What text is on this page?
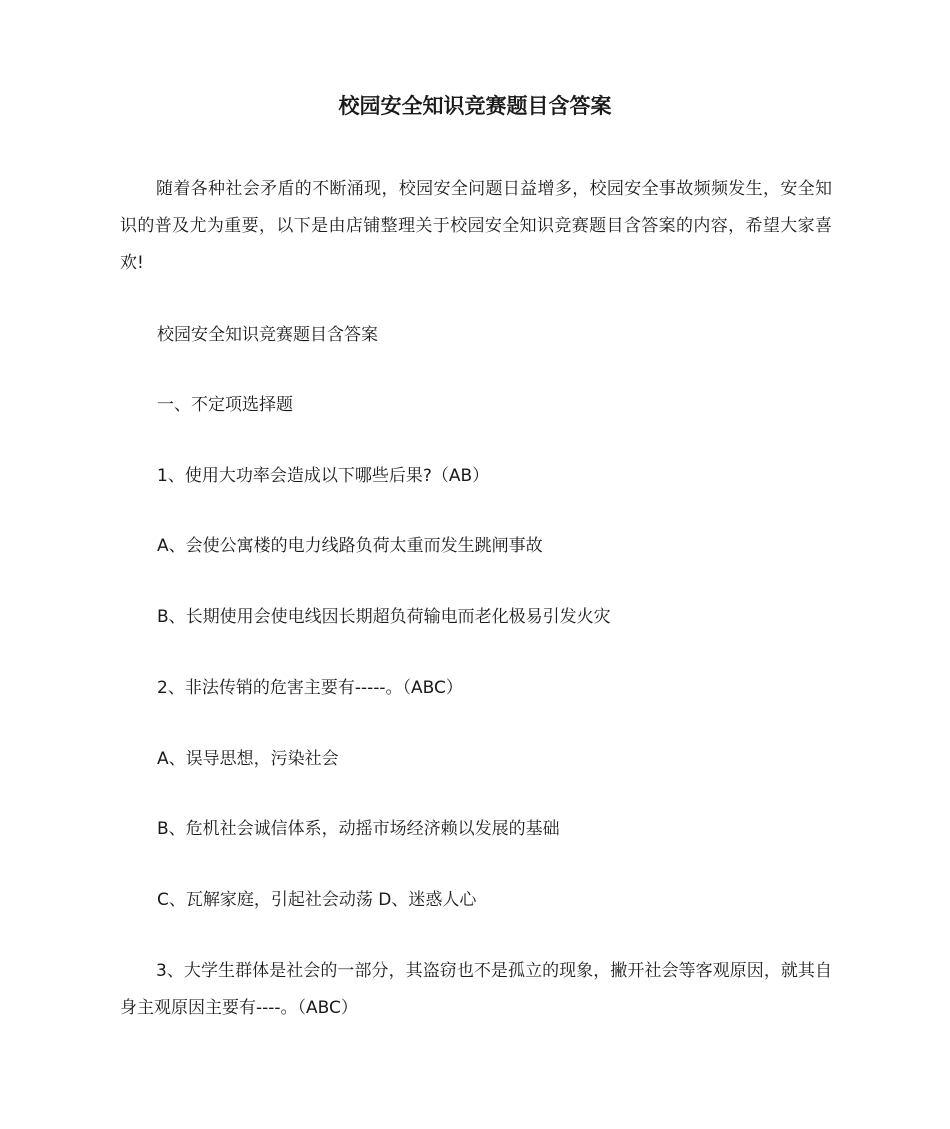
校园安全知识竞赛题目含答案
随着各种社会矛盾的不断涌现，校园安全问题日益增多，校园安全事故频频发生，安全知识的普及尤为重要，以下是由店铺整理关于校园安全知识竞赛题目含答案的内容，希望大家喜欢!
校园安全知识竞赛题目含答案
一、不定项选择题
1、使用大功率会造成以下哪些后果?（AB）
A、会使公寓楼的电力线路负荷太重而发生跳闸事故
B、长期使用会使电线因长期超负荷输电而老化极易引发火灾
2、非法传销的危害主要有-----。（ABC）
A、误导思想，污染社会
B、危机社会诚信体系，动摇市场经济赖以发展的基础
C、瓦解家庭，引起社会动荡 D、迷惑人心
3、大学生群体是社会的一部分，其盗窃也不是孤立的现象，撇开社会等客观原因，就其自身主观原因主要有----。（ABC）
